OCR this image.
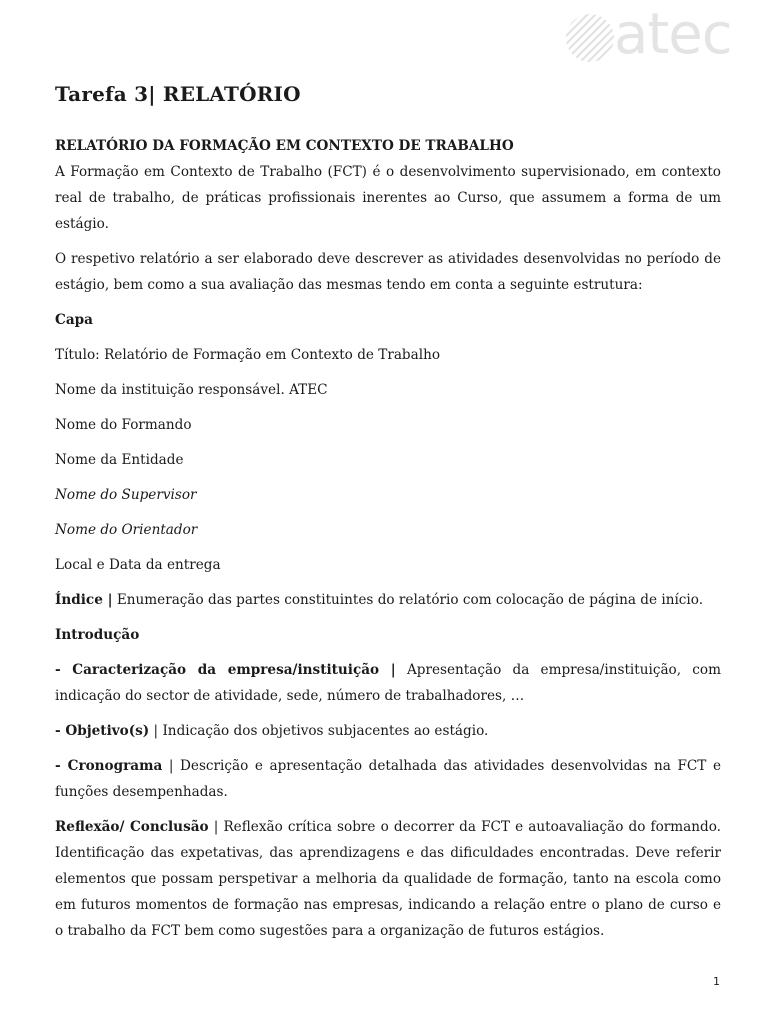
atec
Tarefa 3| RELATÓRIO

RELATÓRIO DA FORMAÇÃO EM CONTEXTO DE TRABALHO

A Formação em Contexto de Trabalho (FCT) é o desenvolvimento supervisionado, em contexto real de trabalho, de práticas profissionais inerentes ao Curso, que assumem a forma de um estágio.

O respetivo relatório a ser elaborado deve descrever as atividades desenvolvidas no período de estágio, bem como a sua avaliação das mesmas tendo em conta a seguinte estrutura:

Capa

Título: Relatório de Formação em Contexto de Trabalho

Nome da instituição responsável. ATEC

Nome do Formando

Nome da Entidade

Nome do Supervisor

Nome do Orientador

Local e Data da entrega

Índice | Enumeração das partes constituintes do relatório com colocação de página de início.

Introdução

- Caracterização da empresa/instituição | Apresentação da empresa/instituição, com indicação do sector de atividade, sede, número de trabalhadores, …

- Objetivo(s) | Indicação dos objetivos subjacentes ao estágio.

- Cronograma | Descrição e apresentação detalhada das atividades desenvolvidas na FCT e funções desempenhadas.

Reflexão/ Conclusão | Reflexão crítica sobre o decorrer da FCT e autoavaliação do formando. Identificação das expetativas, das aprendizagens e das dificuldades encontradas. Deve referir elementos que possam perspetivar a melhoria da qualidade de formação, tanto na escola como em futuros momentos de formação nas empresas, indicando a relação entre o plano de curso e o trabalho da FCT bem como sugestões para a organização de futuros estágios.

1
